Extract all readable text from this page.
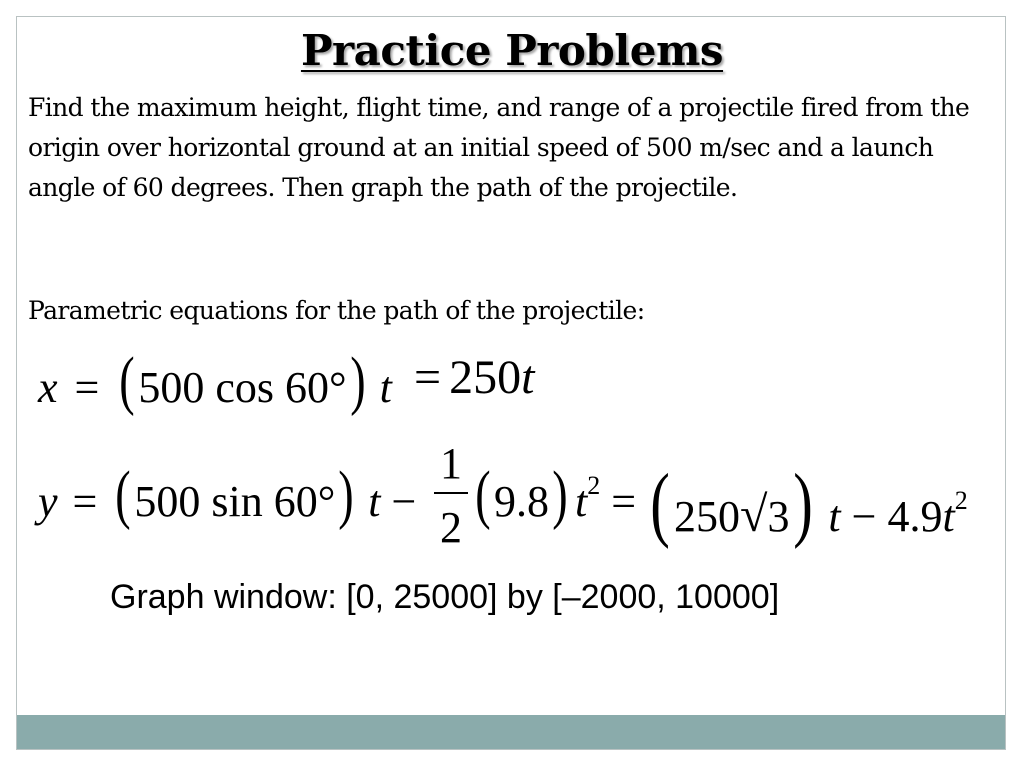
Practice Problems
Find the maximum height, flight time, and range of a projectile fired from the origin over horizontal ground at an initial speed of 500 m/sec and a launch angle of 60 degrees. Then graph the path of the projectile.
Parametric equations for the path of the projectile:
x = (500 cos 60°) t = 250t
y = (500 sin 60°) t −
1
2 (9.8) $t^2 = (250√3) t - 4.9t^2$
Graph window: [0, 25000] by [–2000, 10000]
